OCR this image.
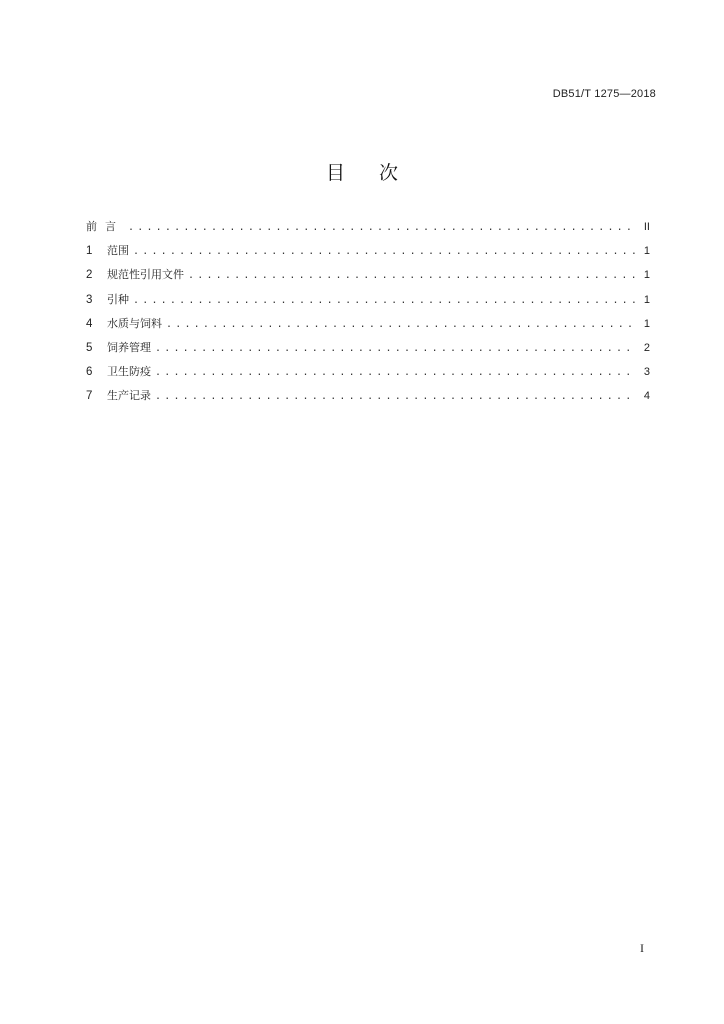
DB51/T 1275—2018
目次
前言 .....	II
1	范围 .....	1
2	规范性引用文件 .....	1
3	引种 .....	1
4	水质与饲料 .....	1
5	饲养管理 .....	2
6	卫生防疫 .....	3
7	生产记录 .....	4
I
